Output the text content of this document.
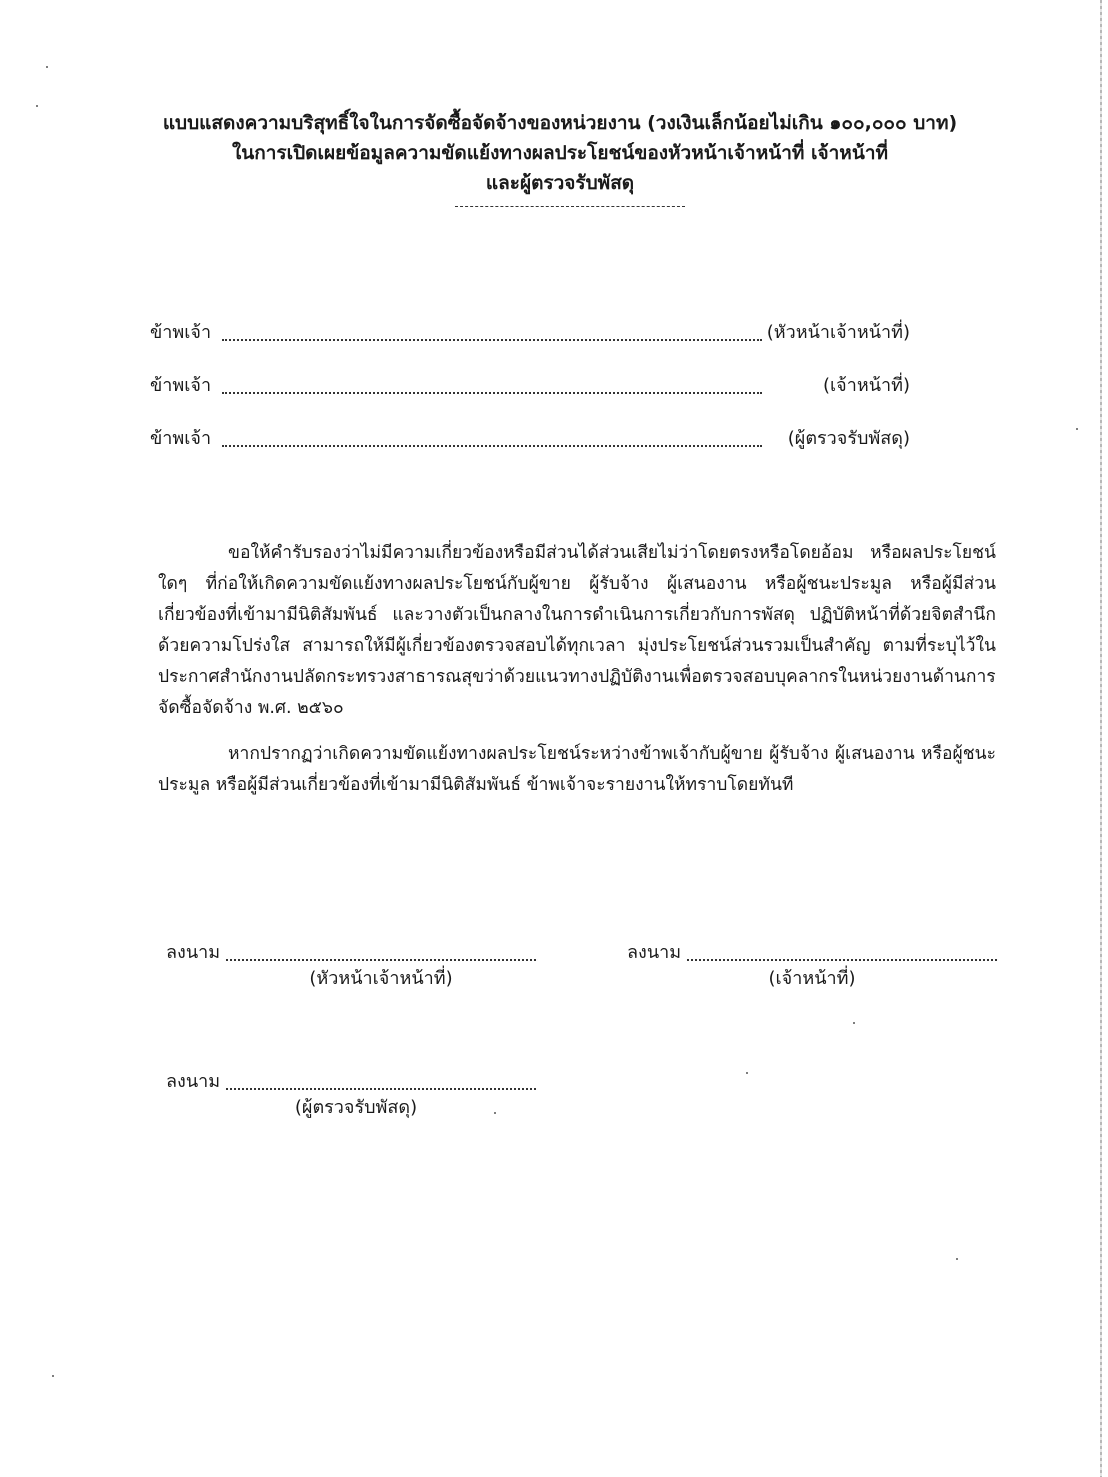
แบบแสดงความบริสุทธิ์ใจในการจัดซื้อจัดจ้างของหน่วยงาน (วงเงินเล็กน้อยไม่เกิน ๑๐๐,๐๐๐ บาท)
ในการเปิดเผยข้อมูลความขัดแย้งทางผลประโยชน์ของหัวหน้าเจ้าหน้าที่ เจ้าหน้าที่
และผู้ตรวจรับพัสดุ
ข้าพเจ้า	(หัวหน้าเจ้าหน้าที่)
ข้าพเจ้า	(เจ้าหน้าที่)
ข้าพเจ้า	(ผู้ตรวจรับพัสดุ)

ขอให้คำรับรองว่าไม่มีความเกี่ยวข้องหรือมีส่วนได้ส่วนเสียไม่ว่าโดยตรงหรือโดยอ้อม หรือผลประโยชน์ใดๆ ที่ก่อให้เกิดความขัดแย้งทางผลประโยชน์กับผู้ขาย ผู้รับจ้าง ผู้เสนองาน หรือผู้ชนะประมูล หรือผู้มีส่วนเกี่ยวข้องที่เข้ามามีนิติสัมพันธ์ และวางตัวเป็นกลางในการดำเนินการเกี่ยวกับการพัสดุ ปฏิบัติหน้าที่ด้วยจิตสำนึก ด้วยความโปร่งใส สามารถให้มีผู้เกี่ยวข้องตรวจสอบได้ทุกเวลา มุ่งประโยชน์ส่วนรวมเป็นสำคัญ ตามที่ระบุไว้ในประกาศสำนักงานปลัดกระทรวงสาธารณสุขว่าด้วยแนวทางปฏิบัติงานเพื่อตรวจสอบบุคลากรในหน่วยงานด้านการจัดซื้อจัดจ้าง พ.ศ. ๒๕๖๐

หากปรากฏว่าเกิดความขัดแย้งทางผลประโยชน์ระหว่างข้าพเจ้ากับผู้ขาย ผู้รับจ้าง ผู้เสนองาน หรือผู้ชนะประมูล หรือผู้มีส่วนเกี่ยวข้องที่เข้ามามีนิติสัมพันธ์ ข้าพเจ้าจะรายงานให้ทราบโดยทันที

ลงนาม
(หัวหน้าเจ้าหน้าที่)
ลงนาม
(เจ้าหน้าที่)
ลงนาม
(ผู้ตรวจรับพัสดุ)
